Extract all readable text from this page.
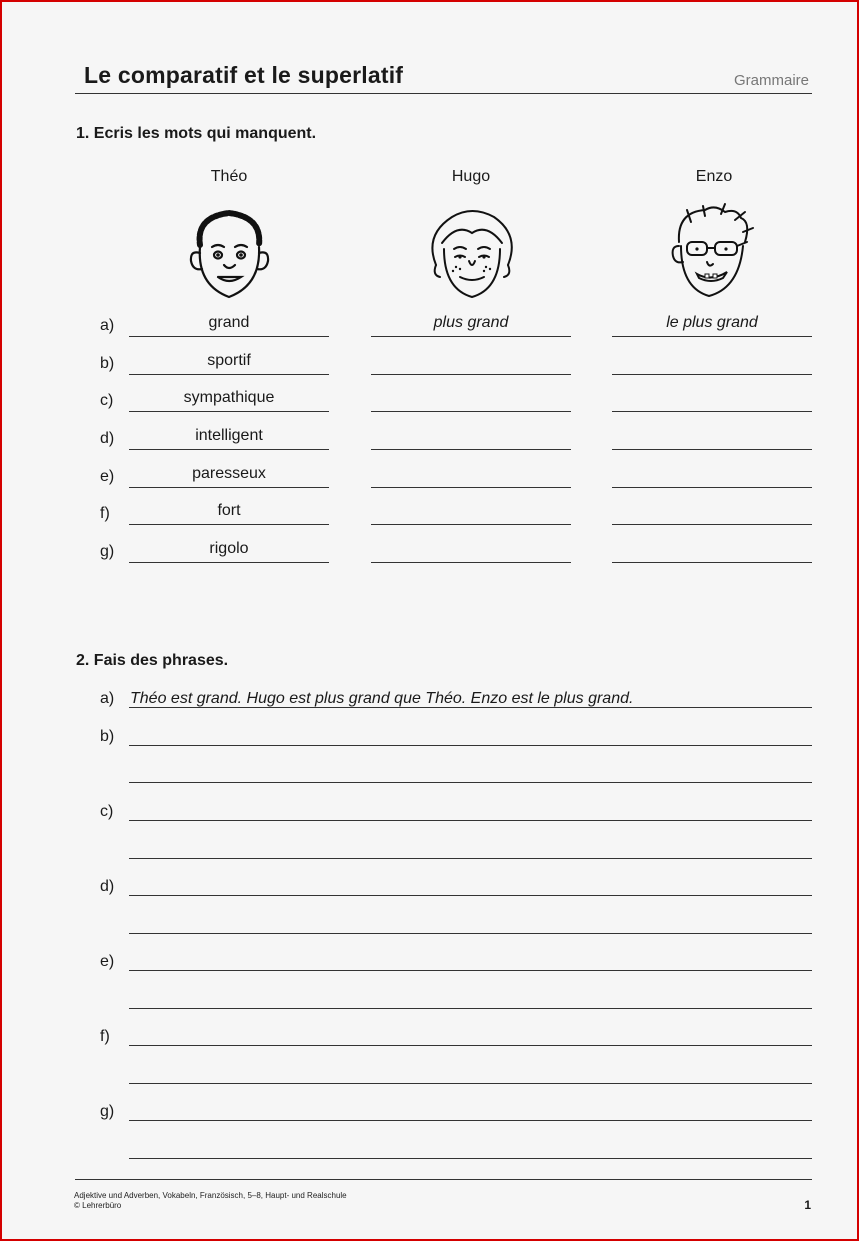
Le comparatif et le superlatif	Grammaire
1. Ecris les mots qui manquent.
Théo	Hugo	Enzo
a)	grand	plus grand	le plus grand
b)	sportif
c)	sympathique
d)	intelligent
e)	paresseux
f)	fort
g)	rigolo
2. Fais des phrases.
a) Théo est grand. Hugo est plus grand que Théo. Enzo est le plus grand.
b)
c)
d)
e)
f)
g)
Adjektive und Adverben, Vokabeln, Französisch, 5–8, Haupt- und Realschule
© Lehrerbüro	1
